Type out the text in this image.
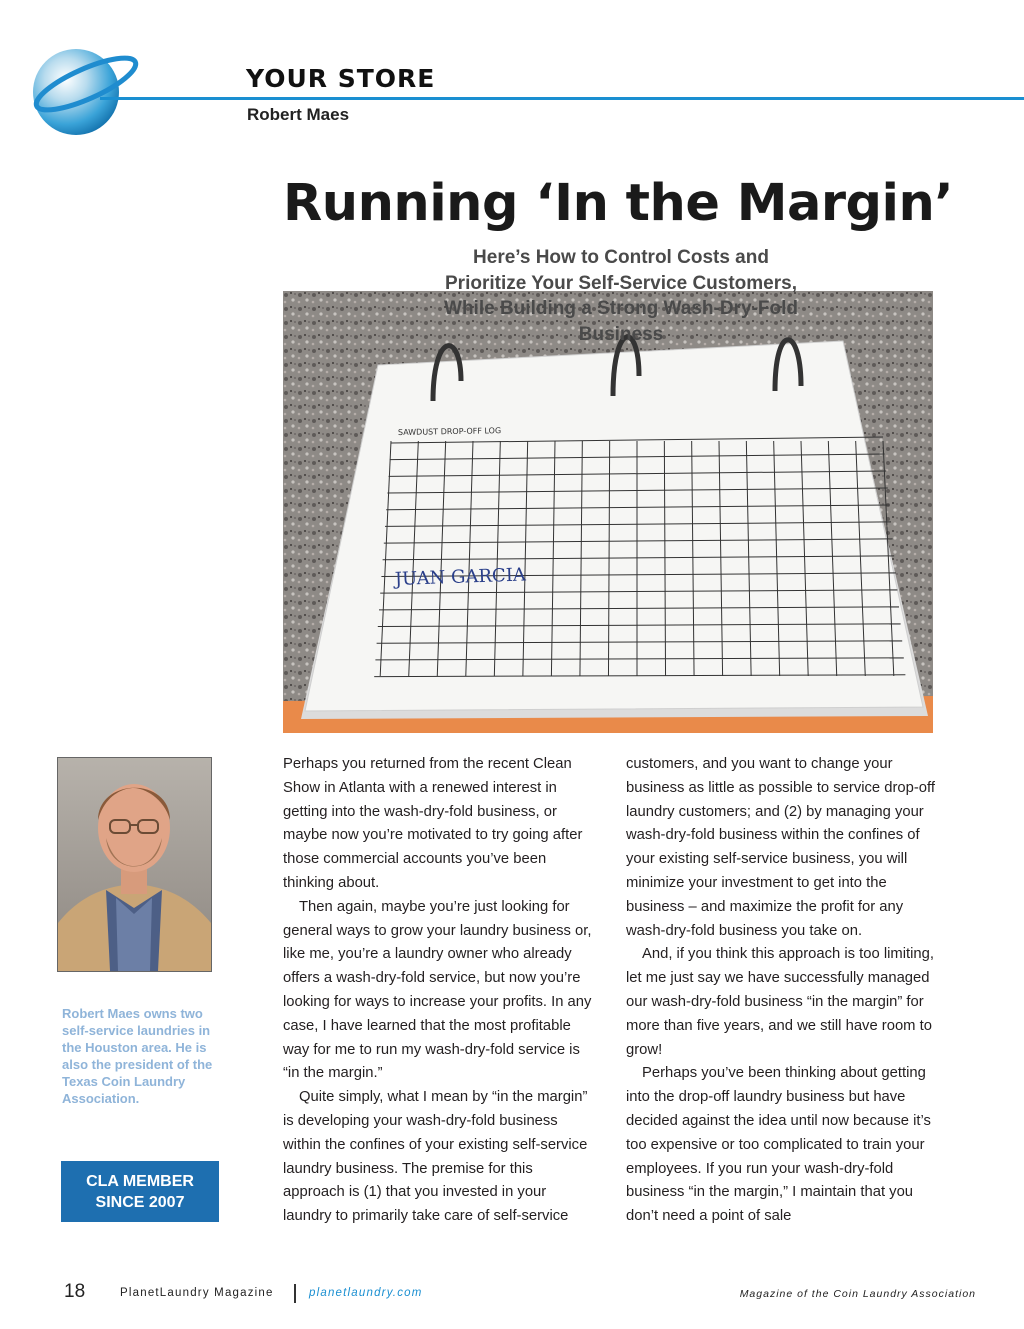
YOUR STORE
Robert Maes
Running ‘In the Margin’
Here’s How to Control Costs and Prioritize Your Self-Service Customers, While Building a Strong Wash-Dry-Fold Business
SAWDUST DROP-OFF LOG
JUAN GARCIA
Robert Maes owns two self-service laundries in the Houston area. He is also the president of the Texas Coin Laundry Association.
CLA MEMBER
SINCE 2007

Perhaps you returned from the recent Clean Show in Atlanta with a renewed interest in getting into the wash-dry-fold business, or maybe now you’re motivated to try going after those commercial accounts you’ve been thinking about.

Then again, maybe you’re just looking for general ways to grow your laundry business or, like me, you’re a laundry owner who already offers a wash-dry-fold service, but now you’re looking for ways to increase your profits. In any case, I have learned that the most profitable way for me to run my wash-dry-fold service is “in the margin.”

Quite simply, what I mean by “in the margin” is developing your wash-dry-fold business within the confines of your existing self-service laundry business. The premise for this approach is (1) that you invested in your laundry to primarily take care of self-service

customers, and you want to change your business as little as possible to service drop-off laundry customers; and (2) by managing your wash-dry-fold business within the confines of your existing self-service business, you will minimize your investment to get into the business – and maximize the profit for any wash-dry-fold business you take on.

And, if you think this approach is too limiting, let me just say we have successfully managed our wash-dry-fold business “in the margin” for more than five years, and we still have room to grow!

Perhaps you’ve been thinking about getting into the drop-off laundry business but have decided against the idea until now because it’s too expensive or too complicated to train your employees. If you run your wash-dry-fold business “in the margin,” I maintain that you don’t need a point of sale

18	PlanetLaundry Magazine	planetlaundry.com	Magazine of the Coin Laundry Association
